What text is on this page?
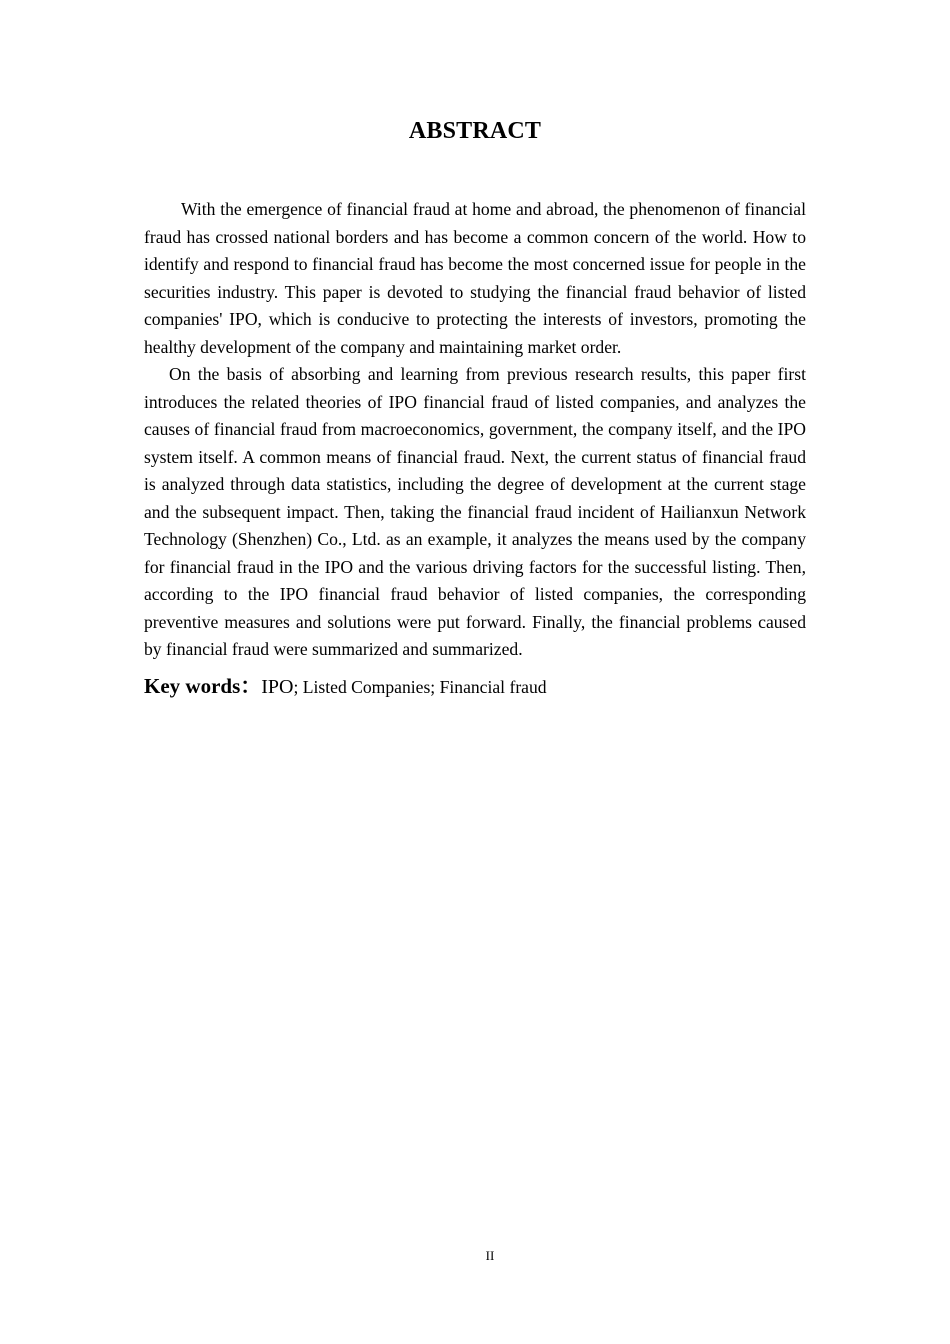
ABSTRACT

With the emergence of financial fraud at home and abroad, the phenomenon of financial fraud has crossed national borders and has become a common concern of the world. How to identify and respond to financial fraud has become the most concerned issue for people in the securities industry. This paper is devoted to studying the financial fraud behavior of listed companies' IPO, which is conducive to protecting the interests of investors, promoting the healthy development of the company and maintaining market order.

On the basis of absorbing and learning from previous research results, this paper first introduces the related theories of IPO financial fraud of listed companies, and analyzes the causes of financial fraud from macroeconomics, government, the company itself, and the IPO system itself. A common means of financial fraud. Next, the current status of financial fraud is analyzed through data statistics, including the degree of development at the current stage and the subsequent impact. Then, taking the financial fraud incident of Hailianxun Network Technology (Shenzhen) Co., Ltd. as an example, it analyzes the means used by the company for financial fraud in the IPO and the various driving factors for the successful listing. Then, according to the IPO financial fraud behavior of listed companies, the corresponding preventive measures and solutions were put forward. Finally, the financial problems caused by financial fraud were summarized and summarized.

Key words：IPO; Listed Companies; Financial fraud
II
